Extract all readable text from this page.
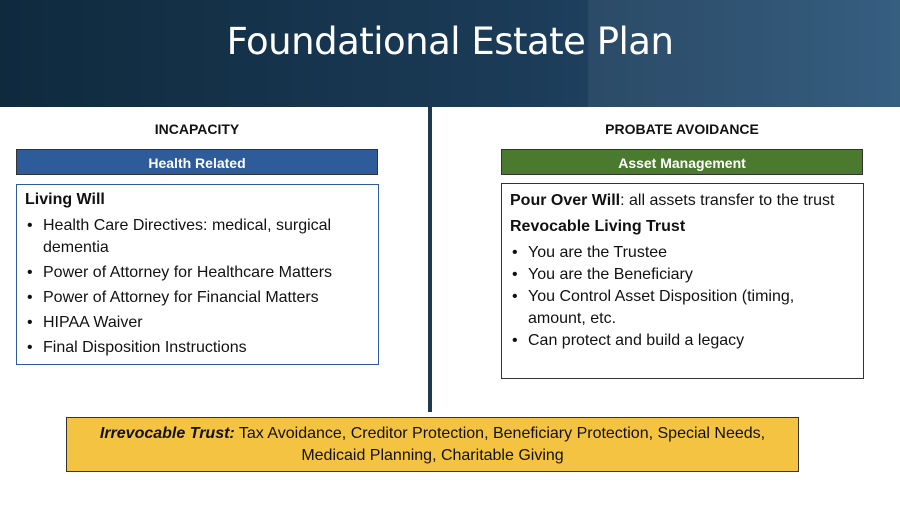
Foundational Estate Plan
INCAPACITY
Health Related
Living Will
• Health Care Directives: medical, surgical dementia
• Power of Attorney for Healthcare Matters
• Power of Attorney for Financial Matters
• HIPAA Waiver
• Final Disposition Instructions
PROBATE AVOIDANCE
Asset Management
Pour Over Will: all assets transfer to the trust
Revocable Living Trust
• You are the Trustee
• You are the Beneficiary
• You Control Asset Disposition (timing, amount, etc.
• Can protect and build a legacy
Irrevocable Trust: Tax Avoidance, Creditor Protection, Beneficiary Protection, Special Needs, Medicaid Planning, Charitable Giving
